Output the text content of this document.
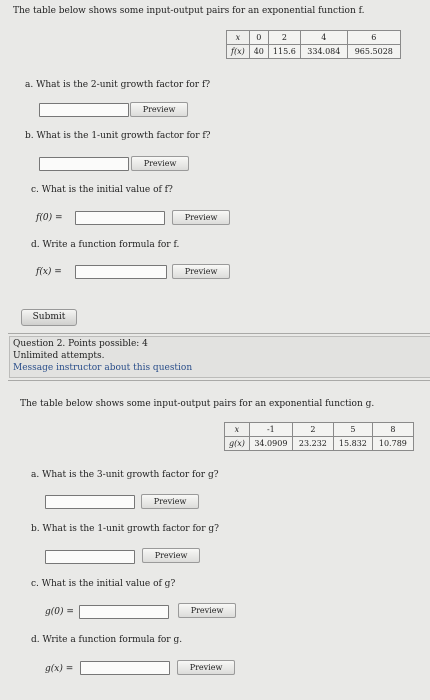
The table below shows some input-output pairs for an exponential function f.
x	0	2	4	6
f(x)	40	115.6	334.084	965.5028
a. What is the 2-unit growth factor for f?
Preview
b. What is the 1-unit growth factor for f?
Preview
c. What is the initial value of f?
f(0) =	Preview
d. Write a function formula for f.
f(x) =	Preview
Submit
Question 2. Points possible: 4
Unlimited attempts.
Message instructor about this question
The table below shows some input-output pairs for an exponential function g.
x	-1	2	5	8
g(x)	34.0909	23.232	15.832	10.789
a. What is the 3-unit growth factor for g?
Preview
b. What is the 1-unit growth factor for g?
Preview
c. What is the initial value of g?
g(0) =	Preview
d. Write a function formula for g.
g(x) =	Preview
